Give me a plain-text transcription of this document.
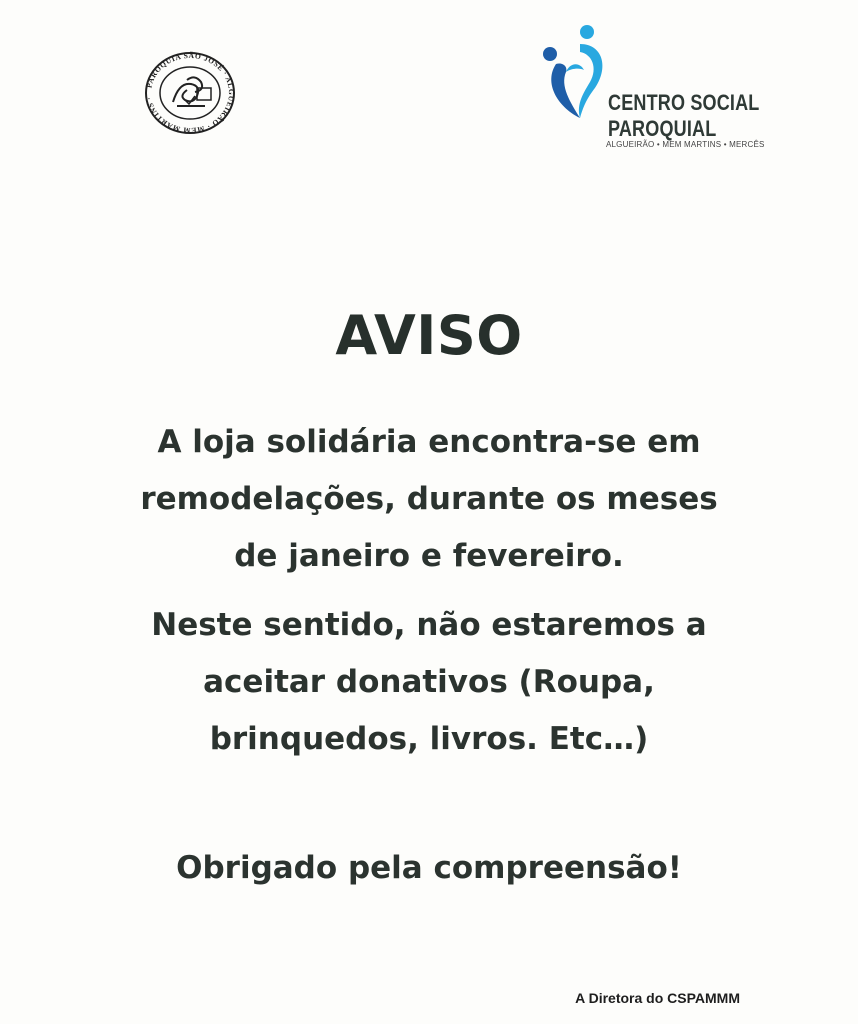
PAROQUIA SÃO JOSÉ · ALGUEIRÃO · MEM MARTINS ·	CENTRO SOCIAL
PAROQUIAL
ALGUEIRÃO • MEM MARTINS • MERCÊS
AVISO
A loja solidária encontra-se em
remodelações, durante os meses
de janeiro e fevereiro.
Neste sentido, não estaremos a
aceitar donativos (Roupa,
brinquedos, livros. Etc…)
Obrigado pela compreensão!
A Diretora do CSPAMMM
